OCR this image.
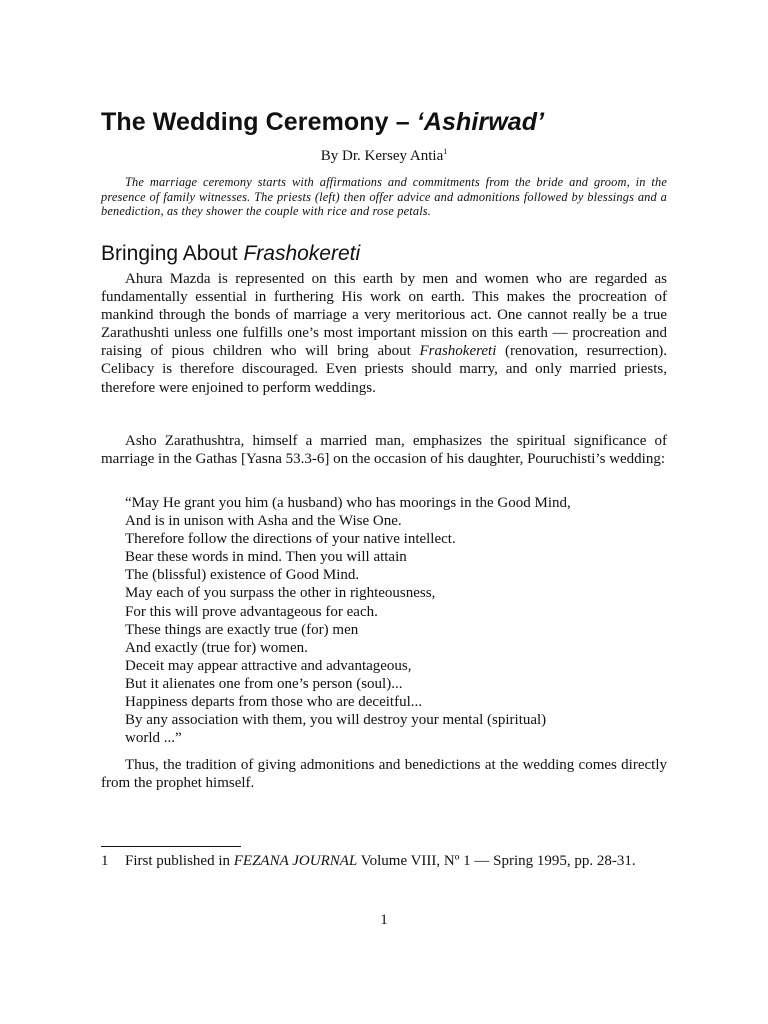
The Wedding Ceremony – ‘Ashirwad’
By Dr. Kersey Antia$^1$

The marriage ceremony starts with affirmations and commitments from the bride and groom, in the presence of family witnesses. The priests (left) then offer advice and admonitions followed by blessings and a benediction, as they shower the couple with rice and rose petals.

Bringing About Frashokereti

Ahura Mazda is represented on this earth by men and women who are regarded as fundamentally essential in furthering His work on earth. This makes the procreation of mankind through the bonds of marriage a very meritorious act. One cannot really be a true Zarathushti unless one fulfills one’s most important mission on this earth — procreation and raising of pious children who will bring about Frashokereti (renovation, resurrection). Celibacy is therefore discouraged. Even priests should marry, and only married priests, therefore were enjoined to perform weddings.

Asho Zarathushtra, himself a married man, emphasizes the spiritual significance of marriage in the Gathas [Yasna 53.3-6] on the occasion of his daughter, Pouruchisti’s wedding:

“May He grant you him (a husband) who has moorings in the Good Mind,
And is in unison with Asha and the Wise One.
Therefore follow the directions of your native intellect.
Bear these words in mind. Then you will attain
The (blissful) existence of Good Mind.
May each of you surpass the other in righteousness,
For this will prove advantageous for each.
These things are exactly true (for) men
And exactly (true for) women.
Deceit may appear attractive and advantageous,
But it alienates one from one’s person (soul)...
Happiness departs from those who are deceitful...
By any association with them, you will destroy your mental (spiritual)
world ...”

Thus, the tradition of giving admonitions and benedictions at the wedding comes directly from the prophet himself.

1 First published in FEZANA JOURNAL Volume VIII, Nº 1 — Spring 1995, pp. 28-31.
1
